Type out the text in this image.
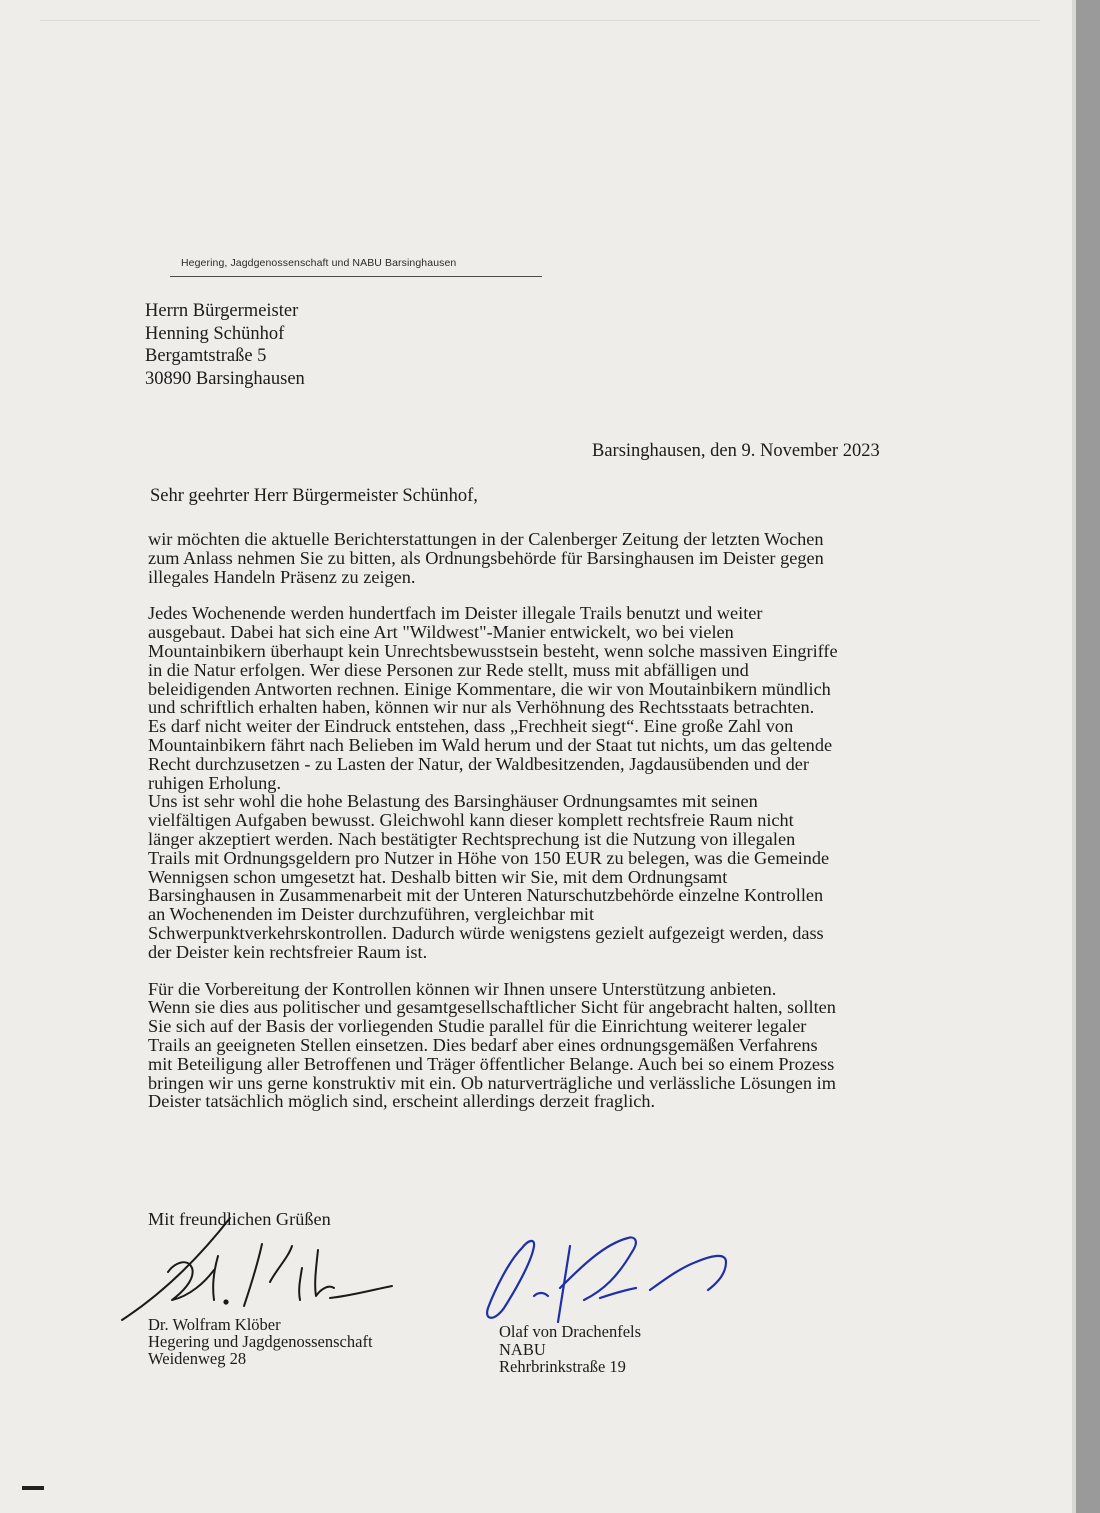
Hegering, Jagdgenossenschaft und NABU Barsinghausen
Herrn Bürgermeister
Henning Schünhof
Bergamtstraße 5
30890 Barsinghausen
Barsinghausen, den 9. November 2023
Sehr geehrter Herr Bürgermeister Schünhof,

wir möchten die aktuelle Berichterstattungen in der Calenberger Zeitung der letzten Wochen
zum Anlass nehmen Sie zu bitten, als Ordnungsbehörde für Barsinghausen im Deister gegen
illegales Handeln Präsenz zu zeigen.

Jedes Wochenende werden hundertfach im Deister illegale Trails benutzt und weiter
ausgebaut. Dabei hat sich eine Art "Wildwest"-Manier entwickelt, wo bei vielen
Mountainbikern überhaupt kein Unrechtsbewusstsein besteht, wenn solche massiven Eingriffe
in die Natur erfolgen. Wer diese Personen zur Rede stellt, muss mit abfälligen und
beleidigenden Antworten rechnen. Einige Kommentare, die wir von Moutainbikern mündlich
und schriftlich erhalten haben, können wir nur als Verhöhnung des Rechtsstaats betrachten.
Es darf nicht weiter der Eindruck entstehen, dass „Frechheit siegt“. Eine große Zahl von
Mountainbikern fährt nach Belieben im Wald herum und der Staat tut nichts, um das geltende
Recht durchzusetzen - zu Lasten der Natur, der Waldbesitzenden, Jagdausübenden und der
ruhigen Erholung.

Uns ist sehr wohl die hohe Belastung des Barsinghäuser Ordnungsamtes mit seinen
vielfältigen Aufgaben bewusst. Gleichwohl kann dieser komplett rechtsfreie Raum nicht
länger akzeptiert werden. Nach bestätigter Rechtsprechung ist die Nutzung von illegalen
Trails mit Ordnungsgeldern pro Nutzer in Höhe von 150 EUR zu belegen, was die Gemeinde
Wennigsen schon umgesetzt hat. Deshalb bitten wir Sie, mit dem Ordnungsamt
Barsinghausen in Zusammenarbeit mit der Unteren Naturschutzbehörde einzelne Kontrollen
an Wochenenden im Deister durchzuführen, vergleichbar mit
Schwerpunktverkehrskontrollen. Dadurch würde wenigstens gezielt aufgezeigt werden, dass
der Deister kein rechtsfreier Raum ist.

Für die Vorbereitung der Kontrollen können wir Ihnen unsere Unterstützung anbieten.
Wenn sie dies aus politischer und gesamtgesellschaftlicher Sicht für angebracht halten, sollten
Sie sich auf der Basis der vorliegenden Studie parallel für die Einrichtung weiterer legaler
Trails an geeigneten Stellen einsetzen. Dies bedarf aber eines ordnungsgemäßen Verfahrens
mit Beteiligung aller Betroffenen und Träger öffentlicher Belange. Auch bei so einem Prozess
bringen wir uns gerne konstruktiv mit ein. Ob naturverträgliche und verlässliche Lösungen im
Deister tatsächlich möglich sind, erscheint allerdings derzeit fraglich.

Mit freundlichen Grüßen
Dr. Wolfram Klöber
Hegering und Jagdgenossenschaft
Weidenweg 28
Olaf von Drachenfels
NABU
Rehrbrinkstraße 19
